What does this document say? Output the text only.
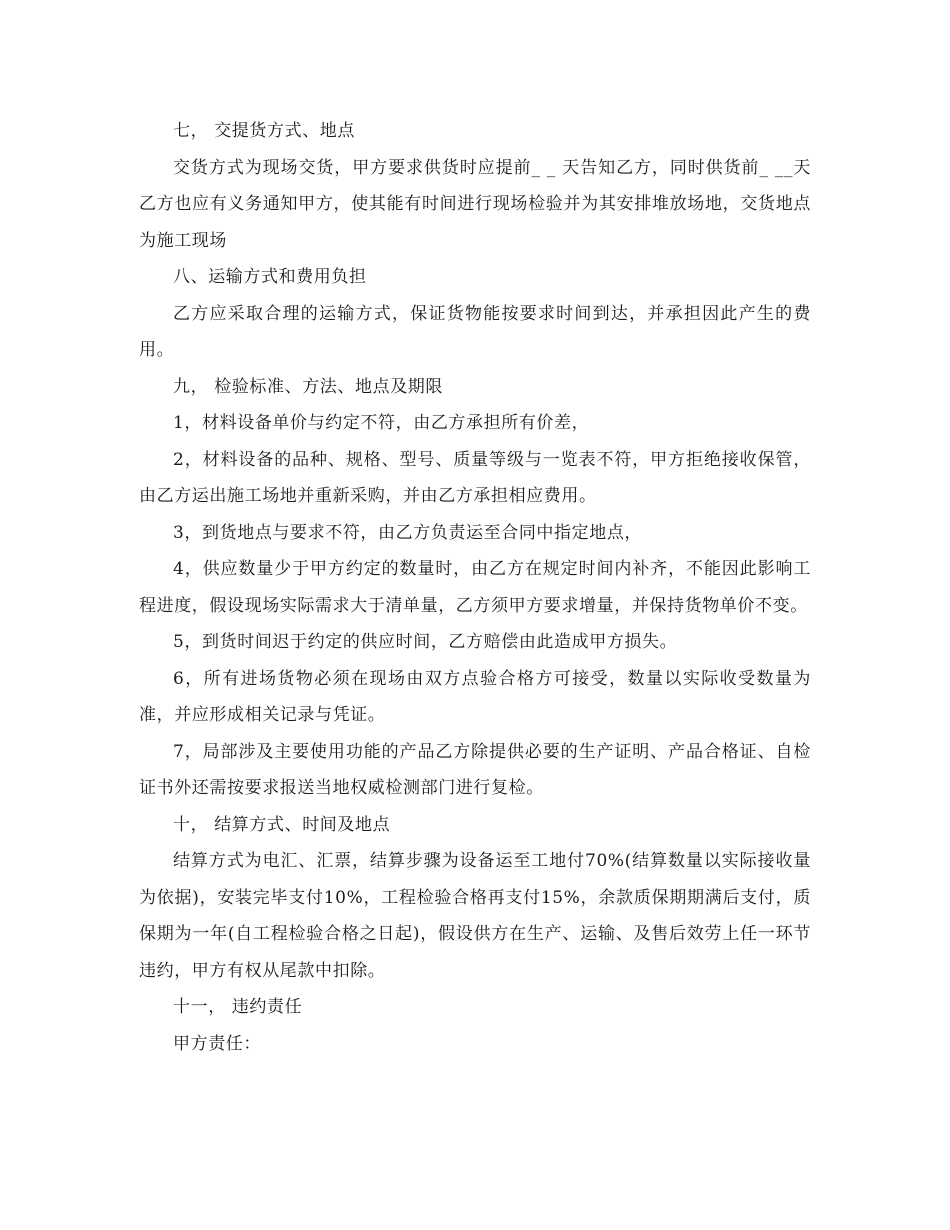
七， 交提货方式、地点

交货方式为现场交货，甲方要求供货时应提前_ _ 天告知乙方，同时供货前_ __天乙方也应有义务通知甲方，使其能有时间进行现场检验并为其安排堆放场地，交货地点为施工现场

八、运输方式和费用负担

乙方应采取合理的运输方式，保证货物能按要求时间到达，并承担因此产生的费用。

九， 检验标准、方法、地点及期限

1，材料设备单价与约定不符，由乙方承担所有价差，

2，材料设备的品种、规格、型号、质量等级与一览表不符，甲方拒绝接收保管，由乙方运出施工场地并重新采购，并由乙方承担相应费用。

3，到货地点与要求不符，由乙方负责运至合同中指定地点，

4，供应数量少于甲方约定的数量时，由乙方在规定时间内补齐，不能因此影响工程进度，假设现场实际需求大于清单量，乙方须甲方要求增量，并保持货物单价不变。

5，到货时间迟于约定的供应时间，乙方赔偿由此造成甲方损失。

6，所有进场货物必须在现场由双方点验合格方可接受，数量以实际收受数量为准，并应形成相关记录与凭证。

7，局部涉及主要使用功能的产品乙方除提供必要的生产证明、产品合格证、自检证书外还需按要求报送当地权威检测部门进行复检。

十， 结算方式、时间及地点

结算方式为电汇、汇票，结算步骤为设备运至工地付70%(结算数量以实际接收量为依据)，安装完毕支付10%，工程检验合格再支付15%，余款质保期期满后支付，质保期为一年(自工程检验合格之日起)，假设供方在生产、运输、及售后效劳上任一环节违约，甲方有权从尾款中扣除。

十一， 违约责任

甲方责任：
